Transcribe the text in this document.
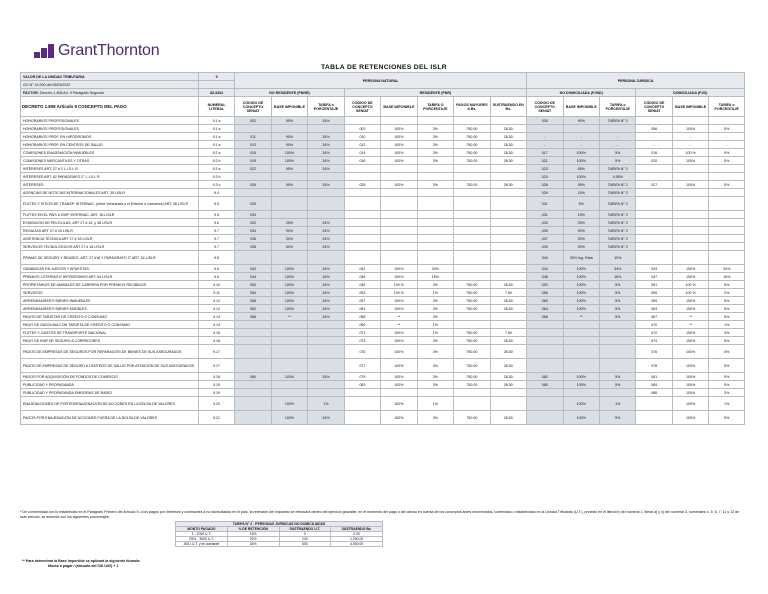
GrantThornton
TABLA DE RETENCIONES DEL ISLR
VALOR DE LA UNIDAD TRIBUTARIA	9	PERSONA NATURAL								PERSONA JURIDICA					
GO N° 42.000 del 09/03/2022															
FACTOR: Decreto 1.808 Art. 9 Parágrafo Segundo	83.3334	NO RESIDENTE (PNNR)			RESIDENTE (PNR)					NO DOMICILIADA (PJND)			DOMICILIADA (PJD)		
DECRETO 1.808 Artículo 9 CONCEPTO DEL PAGO	NUMERAL LITERAL	CÓDIGO DE CONCEPTO SENIAT	BASE IMPONIBLE	TARIFA o PORCENTAJE	CÓDIGO DE CONCEPTO SENIAT	BASE IMPONIBLE	TARIFA O PORCENTAJE	PAGOS MAYORES A Bs.	SUSTRAENDO EN Bs.	CÓDIGO DE CONCEPTO SENIAT	BASE IMPONIBLE	TARIFA o PORCENTAJE	CÓDIGO DE CONCEPTO SENIAT	BASE IMPONIBLE	TARIFA o PORCENTAJE
HONORARIOS PROFESIONALES	9.1 a	002	90%	34%						035	90%	TARIFA N° 2			
HONORARIOS PROFESIONALES	9.1 a				002	100%	3%	750.00	28.50				056	100%	5%
HONORARIOS PROF. EN HIPÓDROMOS	9.1 a	011	90%	34%	010	100%	3%	750.00	28.50	-	-	-	-	-	-
HONORARIOS PROF. EN CENTROS DE SALUD	9.1 a	013	90%	34%	012	100%	3%	750.00	28.50	-	-	-	-	-	-
COMISIONES ENAJENACIÓN INMUEBLES	9.2 a	015	100%	34%	014	100%	3%	750.00	28.50	017	100%	5%	016	100 %	5%
COMISIONES MERCANTILES Y OTRAS	9.2 b	019	100%	34%	018	100%	3%	750.00	28.50	021	100%	5%	020	100%	5%
INTERESES ART. 27 # 2 L.I.S.L.R.	9.3 a	022	95%	34%						023	95%	TARIFA N° 2			
INTERESES ART. 52 PARÁGRAFO 2° L.I.S.L.R.	9.3 b									024	100%	4,95%			
INTERESES	9.3 c	026	95%	34%	025	100%	3%	750.00	28.50	028	95%	TARIFA N° 2	027	100%	5%
AGENCIAS DE NOTICIAS INTERNACIONALES ART. 35 LISLR	9.4									029	15%	TARIFA N° 2			
FLETES Y SITIOS DE TRANSP. INTERNAC. (entre Venezuela y el Exterior o viceversa) ART. 36 LISLR	9.5	030								031	5%	TARIFA N° 2			
FLETES EN EL PAÍS & EMP. INTERNAC. ART. 36 LISLR	9.5	033								031	15%	TARIFA N° 2			
EXHIBICIÓN DE PELÍCULAS, ART 27 # 15, y 38 LISLR	9.6	032	25%	34%						033	25%	TARIFA N° 2			
REGALÍAS ART 27 # 15 LISLR	9.7	034	90%	34%						035	90%	TARIFA N° 2			
ASISTENCIA TÉCNICA ART 27 # 16 LISLR	9.7	036	30%	34%						037	30%	TARIFA N° 2			
SERVICIOS TECNOLÓGICOS ART 27 # 16 LISLR	9.7	038	50%	34%						039	50%	TARIFA N° 2			
PRIMAS DE SEGURO Y REASEG. ART. 27 #18 Y PARÁGRAFO 3° ART. 52 LISLR	9.8									040	30% Ing. Rata	10%			
GANANCIAS EN JUEGOS Y APUESTAS	9.9	042	100%	34%	041	100%	34%			044	100%	34%	043	100%	34%
PREMIOS LOTERÍAS E HIPÓDROMOS ART. 64 LISLR	9.9	044	100%	16%	046	100%	16%			048	100%	16%	047	100%	16%
PROPIETARIOS DE ANIMALES DE CARRERA POR PREMIOS RECIBIDOS	9.10	050	100%	34%	049	100 %	3%	750.00	28.50	052	100%	5%	051	100 %	5%
SERVICIOS	9.11	054	100%	34%	053	100 %	1%	750.00	7.50	056	100%	5%	055	100 %	2%
ARRENDAMIENTO BIENES INMUEBLES	9.12	058	100%	34%	057	100%	3%	750.00	28.50	060	100%	5%	059	100%	5%
ARRENDAMIENTO BIENES MUEBLES	9.13	062	100%	34%	061	100%	3%	750.00	28.50	064	100%	5%	063	100%	5%
PAGOS DE TARJETAS DE CRÉDITO O CONSUMO	9.14	066	**	34%	065	**	3%			068	**	5%	067	**	5%
PAGO DE GASOLINA CON TARJETA DE CRÉDITO O CONSUMO	9.14				069	**	1%						070	**	1%
FLETES Y GASTOS DE TRANSPORTE NACIONAL	9.15				071	100%	1%	750.00	7.50				072	100%	3%
PAGO DE EMP DE SEGURO A CORREDORES	9.16				073	100%	3%	750.00	28.50				074	100%	5%
PAGOS DE EMPRESAS DE SEGUROS POR REPARACIÓN DE BIENES DE SUS ASEGURADOS	9.17				075	100%	3%	750.00	28.50				076	100%	5%
PAGOS DE EMPRESAS DE SEGURO A CENTROS DE SALUD POR ATENCIÓN DE SUS ASEGURADOS	9.17				077	100%	3%	750.00	28.50				078	100%	5%
PAGOS POR ADQUISICIÓN DE FONDOS DE COMERCIO	9.18	080	100%	34%	079	100%	3%	750.00	28.50	082	100%	5%	081	100%	5%
PUBLICIDAD Y PROPAGANDA	9.19				083	100%	3%	750.00	28.50	085	100%	5%	084	100%	5%
PUBLICIDAD Y PROPAGANDA EMISORAS DE RADIO	9.19												086	100%	3%
ENAJENACIONES DE PORTES/ENAJENACIÓN DE ACCIONES EN LA BOLSA DE VALORES	9.20		100%	1%		100%	1%				100%	1%		100%	1%
PAGOS POR ENAJENACIÓN DE ACCIONES FUERA DE LA BOLSA DE VALORES	9.21		100%	34%		100%	3%	750.00	28.50		100%	5%		100%	5%
* De conformidad con lo establecido en el Parágrafo Primero del Artículo 9, a los pagos por intereses y comisiones a no domiciliados en el país, la retención del impuesto se efectuará dentro del ejercicio gravable, en el momento del pago o del abono en cuenta de los conceptos antes enumerados, contenidos o establecidos en la Unidad Tributaria (U.T.), previsto en el literal b) del numeral 1, literal a) y c) del numeral 3, numerales 4, 5, 6, 7, 11 y 13 de este artículo, se acuerde con los siguientes porcentajes:
TARIFA N° 2 - PERSONAS JURÍDICAS NO DOMICILIADAS			
MONTO PAGADO	% DE RETENCIÓN	SUSTRAENDO U.T.	SUSTRAENDO Bs.
1 - 2000 U.T.	15%	0	0.00
2001 - 3000 U.T.	22%	140	1,260.00
3001 U.T. y en adelante	34%	500	4,500.00
** Para determinar la Base Imponible se aplicará la siguiente fórmula:
Monto a pagar / (alícuota del IVA /100) + 1
